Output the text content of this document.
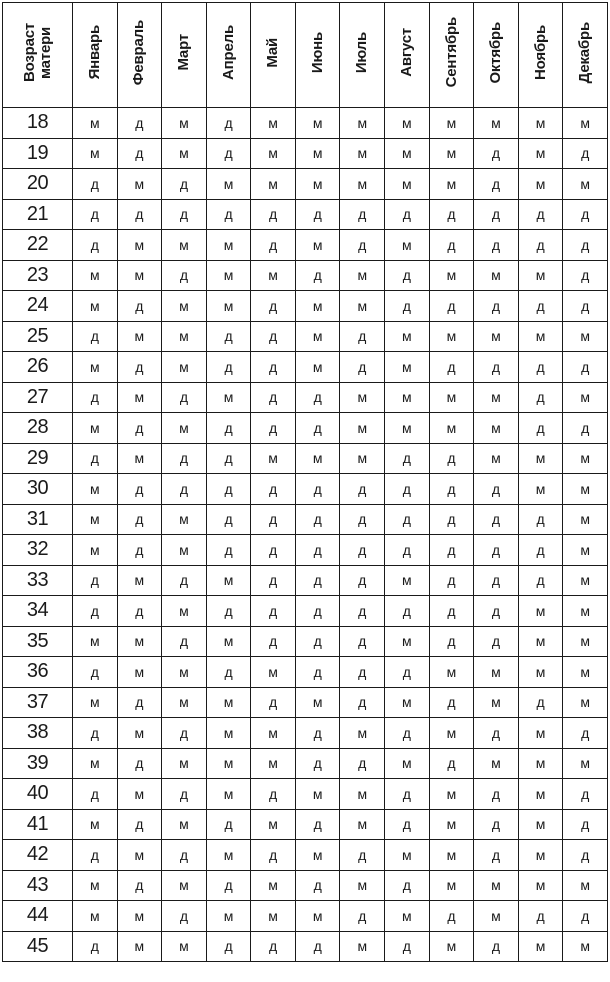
Возраст
матери	Январь	Февраль	Март	Апрель	Май	Июнь	Июль	Август	Сентябрь	Октябрь	Ноябрь	Декабрь
18	м	д	м	д	м	м	м	м	м	м	м	м
19	м	д	м	д	м	м	м	м	м	д	м	д
20	д	м	д	м	м	м	м	м	м	д	м	м
21	д	д	д	д	д	д	д	д	д	д	д	д
22	д	м	м	м	д	м	д	м	д	д	д	д
23	м	м	д	м	м	д	м	д	м	м	м	д
24	м	д	м	м	д	м	м	д	д	д	д	д
25	д	м	м	д	д	м	д	м	м	м	м	м
26	м	д	м	д	д	м	д	м	д	д	д	д
27	д	м	д	м	д	д	м	м	м	м	д	м
28	м	д	м	д	д	д	м	м	м	м	д	д
29	д	м	д	д	м	м	м	д	д	м	м	м
30	м	д	д	д	д	д	д	д	д	д	м	м
31	м	д	м	д	д	д	д	д	д	д	д	м
32	м	д	м	д	д	д	д	д	д	д	д	м
33	д	м	д	м	д	д	д	м	д	д	д	м
34	д	д	м	д	д	д	д	д	д	д	м	м
35	м	м	д	м	д	д	д	м	д	д	м	м
36	д	м	м	д	м	д	д	д	м	м	м	м
37	м	д	м	м	д	м	д	м	д	м	д	м
38	д	м	д	м	м	д	м	д	м	д	м	д
39	м	д	м	м	м	д	д	м	д	м	м	м
40	д	м	д	м	д	м	м	д	м	д	м	д
41	м	д	м	д	м	д	м	д	м	д	м	д
42	д	м	д	м	д	м	д	м	м	д	м	д
43	м	д	м	д	м	д	м	д	м	м	м	м
44	м	м	д	м	м	м	д	м	д	м	д	д
45	д	м	м	д	д	д	м	д	м	д	м	м
